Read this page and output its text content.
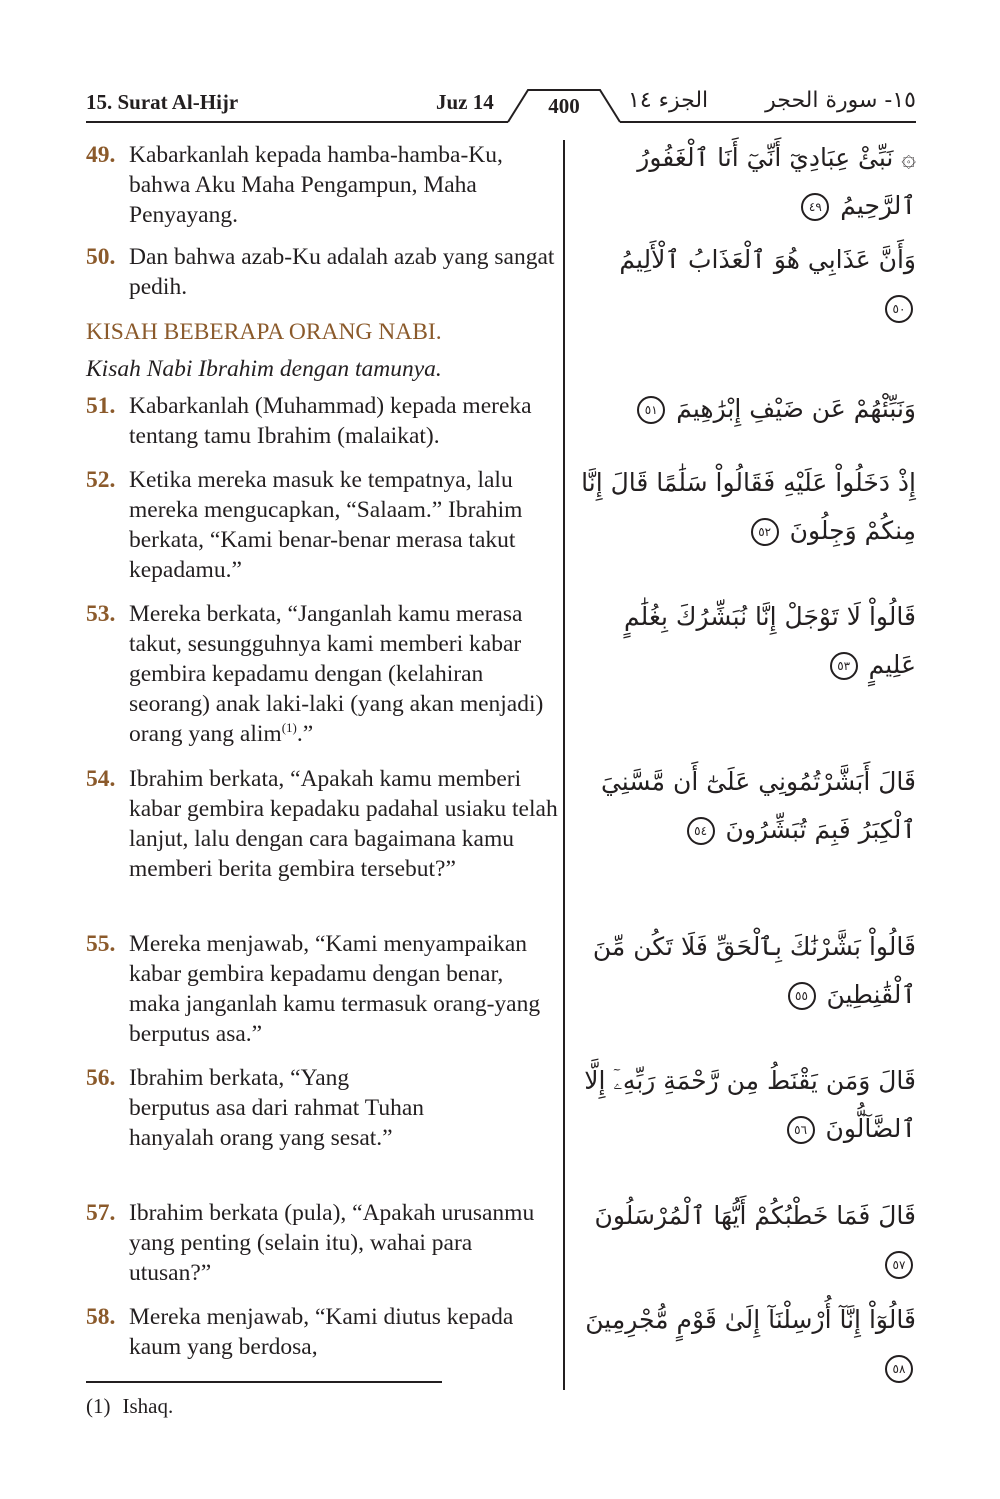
15. Surat Al-Hijr	Juz 14	400	الجزء ١٤	١٥- سورة الحجر
49. Kabarkanlah kepada hamba-hamba-Ku, bahwa Aku Maha Pengampun, Maha Penyayang.
50. Dan bahwa azab-Ku adalah azab yang sangat pedih.
KISAH BEBERAPA ORANG NABI.
Kisah Nabi Ibrahim dengan tamunya.
51. Kabarkanlah (Muhammad) kepada mereka tentang tamu Ibrahim (malaikat).
52. Ketika mereka masuk ke tempatnya, lalu mereka mengucapkan, “Salaam.” Ibrahim berkata, “Kami benar-benar merasa takut kepadamu.”
53. Mereka berkata, “Janganlah kamu merasa takut, sesungguhnya kami memberi kabar gembira kepadamu dengan (kelahiran seorang) anak laki-laki (yang akan menjadi) orang yang alim$^{(1)}$.”
54. Ibrahim berkata, “Apakah kamu memberi kabar gembira kepadaku padahal usiaku telah lanjut, lalu dengan cara bagaimana kamu memberi berita gembira tersebut?”
55. Mereka menjawab, “Kami menyampaikan kabar gembira kepadamu dengan benar, maka janganlah kamu termasuk orang-yang berputus asa.”
56. Ibrahim berkata, “Yang berputus asa dari rahmat Tuhan hanyalah orang yang sesat.”
57. Ibrahim berkata (pula), “Apakah urusanmu yang penting (selain itu), wahai para utusan?”
58. Mereka menjawab, “Kami diutus kepada kaum yang berdosa,
۞ نَبِّئْ عِبَادِيٓ أَنِّيٓ أَنَا ٱلْغَفُورُ ٱلرَّحِيمُ ٤٩
وَأَنَّ عَذَابِي هُوَ ٱلْعَذَابُ ٱلْأَلِيمُ ٥٠
وَنَبِّئْهُمْ عَن ضَيْفِ إِبْرَٰهِيمَ ٥١
إِذْ دَخَلُواْ عَلَيْهِ فَقَالُواْ سَلَٰمًا قَالَ إِنَّا مِنكُمْ وَجِلُونَ ٥٢
قَالُواْ لَا تَوْجَلْ إِنَّا نُبَشِّرُكَ بِغُلَٰمٍ عَلِيمٍ ٥٣
قَالَ أَبَشَّرْتُمُونِي عَلَىٰٓ أَن مَّسَّنِيَ ٱلْكِبَرُ فَبِمَ تُبَشِّرُونَ ٥٤
قَالُواْ بَشَّرْنَٰكَ بِٱلْحَقِّ فَلَا تَكُن مِّنَ ٱلْقَٰنِطِينَ ٥٥
قَالَ وَمَن يَقْنَطُ مِن رَّحْمَةِ رَبِّهِۦٓ إِلَّا ٱلضَّآلُّونَ ٥٦
قَالَ فَمَا خَطْبُكُمْ أَيُّهَا ٱلْمُرْسَلُونَ ٥٧
قَالُوٓاْ إِنَّآ أُرْسِلْنَآ إِلَىٰ قَوْمٍ مُّجْرِمِينَ ٥٨
(1) Ishaq.
